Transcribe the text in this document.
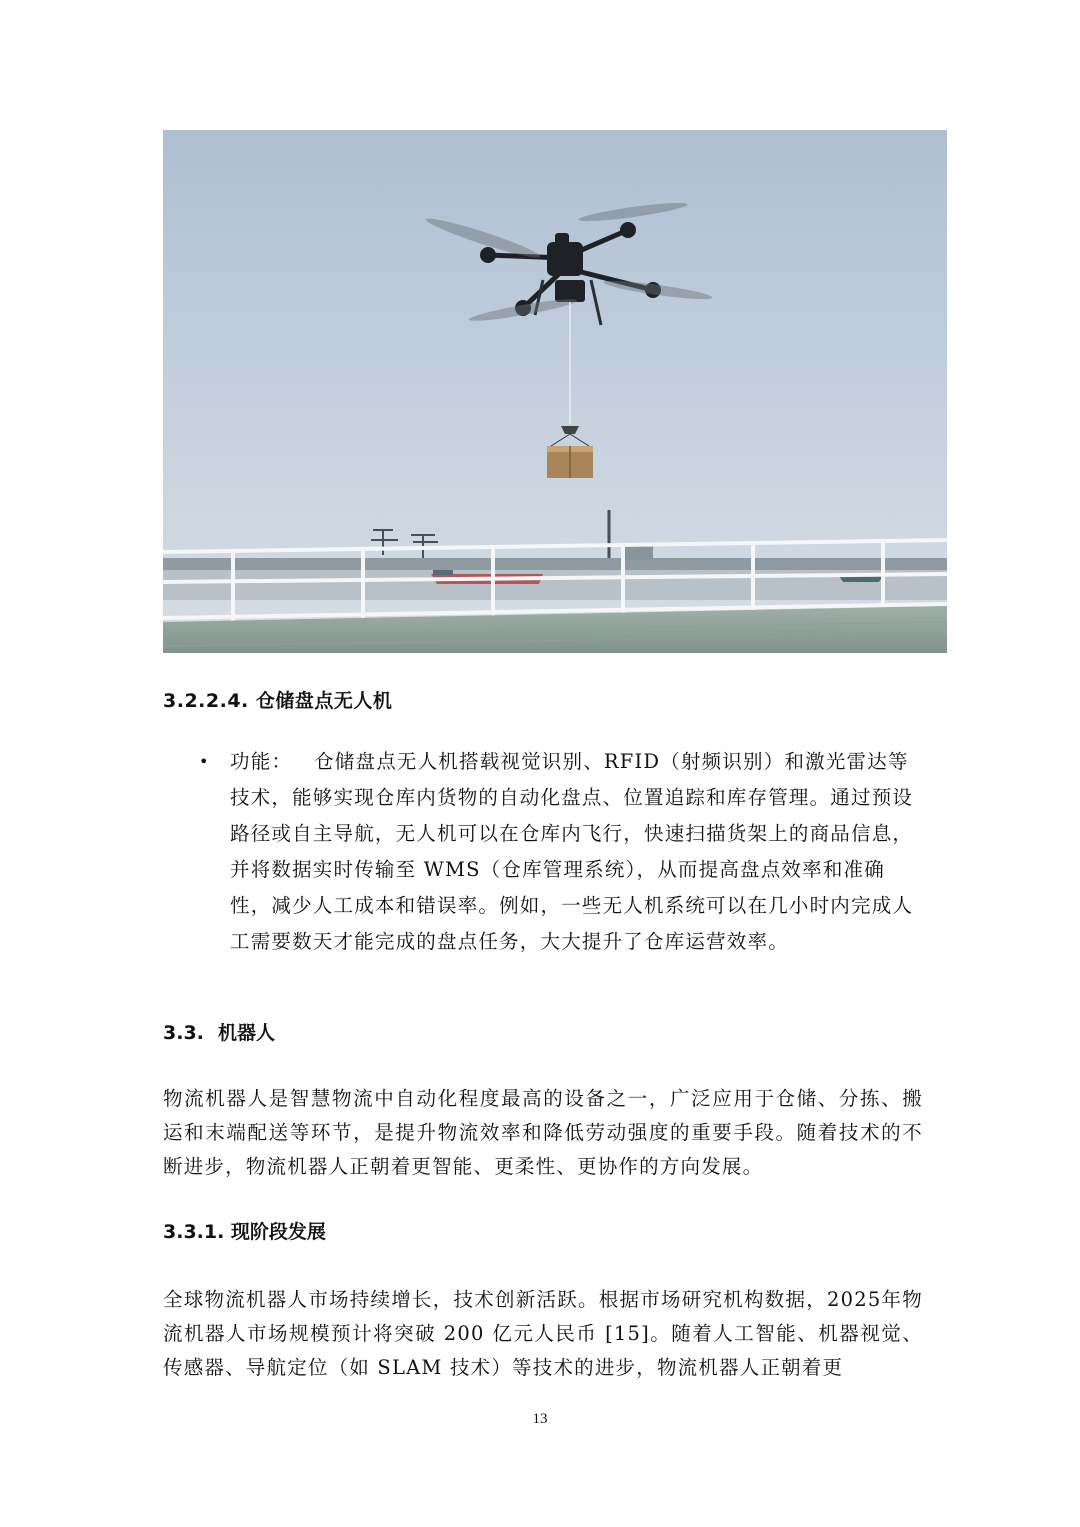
3.2.2.4. 仓储盘点无人机
• 功能： 仓储盘点无人机搭载视觉识别、RFID（射频识别）和激光雷达等技术，能够实现仓库内货物的自动化盘点、位置追踪和库存管理。通过预设路径或自主导航，无人机可以在仓库内飞行，快速扫描货架上的商品信息，并将数据实时传输至 WMS（仓库管理系统），从而提高盘点效率和准确性，减少人工成本和错误率。例如，一些无人机系统可以在几小时内完成人工需要数天才能完成的盘点任务，大大提升了仓库运营效率。
3.3. 机器人
物流机器人是智慧物流中自动化程度最高的设备之一，广泛应用于仓储、分拣、搬运和末端配送等环节，是提升物流效率和降低劳动强度的重要手段。随着技术的不断进步，物流机器人正朝着更智能、更柔性、更协作的方向发展。
3.3.1. 现阶段发展
全球物流机器人市场持续增长，技术创新活跃。根据市场研究机构数据，2025年物流机器人市场规模预计将突破 200 亿元人民币 [15]。随着人工智能、机器视觉、传感器、导航定位（如 SLAM 技术）等技术的进步，物流机器人正朝着更
13
